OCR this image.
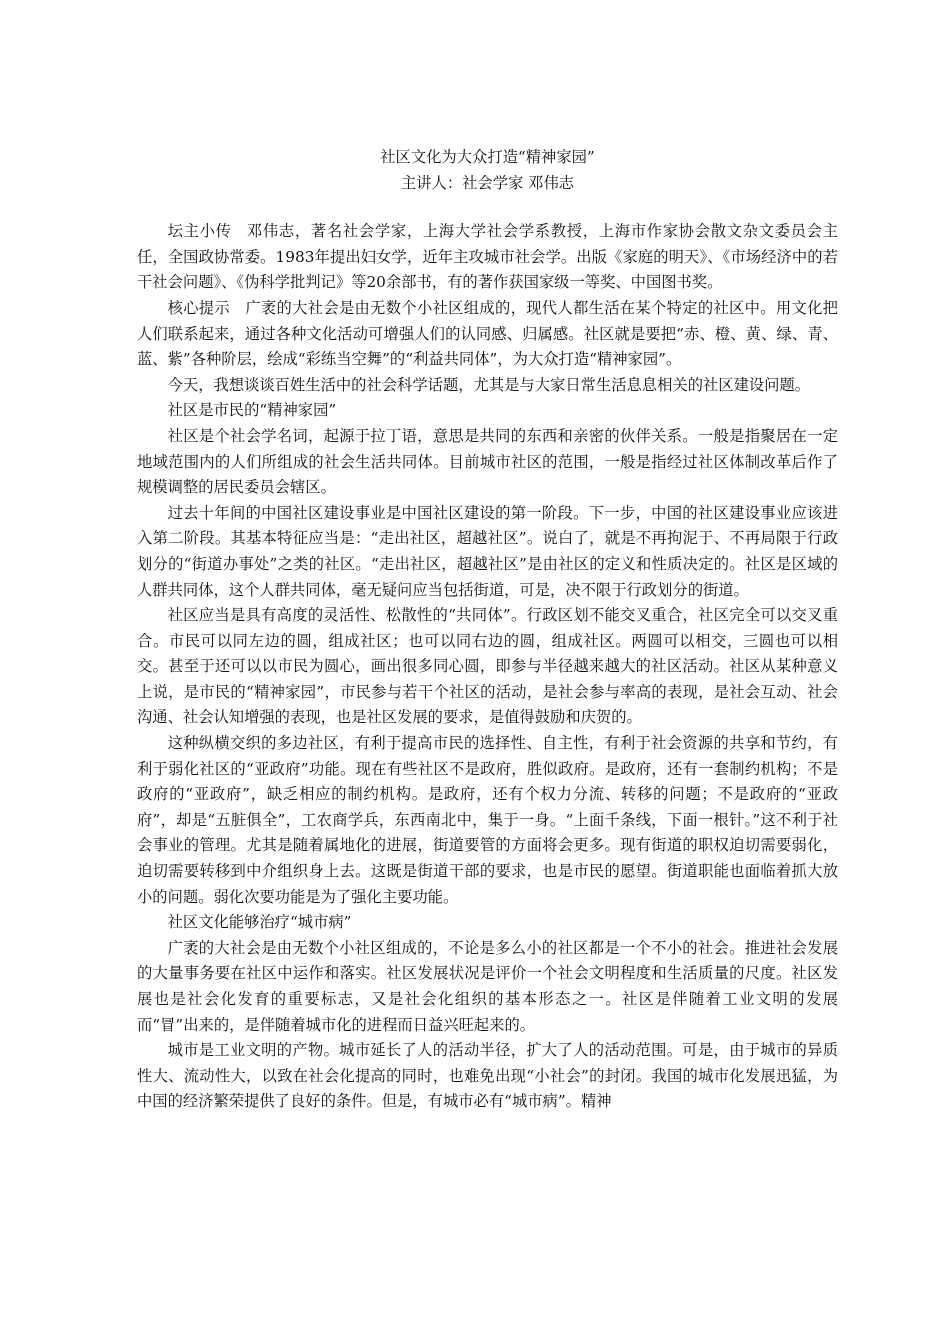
社区文化为大众打造“精神家园”
主讲人：社会学家 邓伟志

坛主小传 邓伟志，著名社会学家，上海大学社会学系教授，上海市作家协会散文杂文委员会主任，全国政协常委。1983年提出妇女学，近年主攻城市社会学。出版《家庭的明天》、《市场经济中的若干社会问题》、《伪科学批判记》等20余部书，有的著作获国家级一等奖、中国图书奖。

核心提示 广袤的大社会是由无数个小社区组成的，现代人都生活在某个特定的社区中。用文化把人们联系起来，通过各种文化活动可增强人们的认同感、归属感。社区就是要把“赤、橙、黄、绿、青、蓝、紫”各种阶层，绘成“彩练当空舞”的“利益共同体”，为大众打造“精神家园”。

今天，我想谈谈百姓生活中的社会科学话题，尤其是与大家日常生活息息相关的社区建设问题。

社区是市民的“精神家园”

社区是个社会学名词，起源于拉丁语，意思是共同的东西和亲密的伙伴关系。一般是指聚居在一定地域范围内的人们所组成的社会生活共同体。目前城市社区的范围，一般是指经过社区体制改革后作了规模调整的居民委员会辖区。

过去十年间的中国社区建设事业是中国社区建设的第一阶段。下一步，中国的社区建设事业应该进入第二阶段。其基本特征应当是：“走出社区，超越社区”。说白了，就是不再拘泥于、不再局限于行政划分的“街道办事处”之类的社区。“走出社区，超越社区”是由社区的定义和性质决定的。社区是区域的人群共同体，这个人群共同体，毫无疑问应当包括街道，可是，决不限于行政划分的街道。

社区应当是具有高度的灵活性、松散性的“共同体”。行政区划不能交叉重合，社区完全可以交叉重合。市民可以同左边的圆，组成社区；也可以同右边的圆，组成社区。两圆可以相交，三圆也可以相交。甚至于还可以以市民为圆心，画出很多同心圆，即参与半径越来越大的社区活动。社区从某种意义上说，是市民的“精神家园”，市民参与若干个社区的活动，是社会参与率高的表现，是社会互动、社会沟通、社会认知增强的表现，也是社区发展的要求，是值得鼓励和庆贺的。

这种纵横交织的多边社区，有利于提高市民的选择性、自主性，有利于社会资源的共享和节约，有利于弱化社区的“亚政府”功能。现在有些社区不是政府，胜似政府。是政府，还有一套制约机构；不是政府的“亚政府”，缺乏相应的制约机构。是政府，还有个权力分流、转移的问题；不是政府的“亚政府”，却是“五脏俱全”，工农商学兵，东西南北中，集于一身。“上面千条线，下面一根针。”这不利于社会事业的管理。尤其是随着属地化的进展，街道要管的方面将会更多。现有街道的职权迫切需要弱化，迫切需要转移到中介组织身上去。这既是街道干部的要求，也是市民的愿望。街道职能也面临着抓大放小的问题。弱化次要功能是为了强化主要功能。

社区文化能够治疗“城市病”

广袤的大社会是由无数个小社区组成的，不论是多么小的社区都是一个不小的社会。推进社会发展的大量事务要在社区中运作和落实。社区发展状况是评价一个社会文明程度和生活质量的尺度。社区发展也是社会化发育的重要标志，又是社会化组织的基本形态之一。社区是伴随着工业文明的发展而“冒”出来的，是伴随着城市化的进程而日益兴旺起来的。

城市是工业文明的产物。城市延长了人的活动半径，扩大了人的活动范围。可是，由于城市的异质性大、流动性大，以致在社会化提高的同时，也难免出现“小社会”的封闭。我国的城市化发展迅猛，为中国的经济繁荣提供了良好的条件。但是，有城市必有“城市病”。精神
